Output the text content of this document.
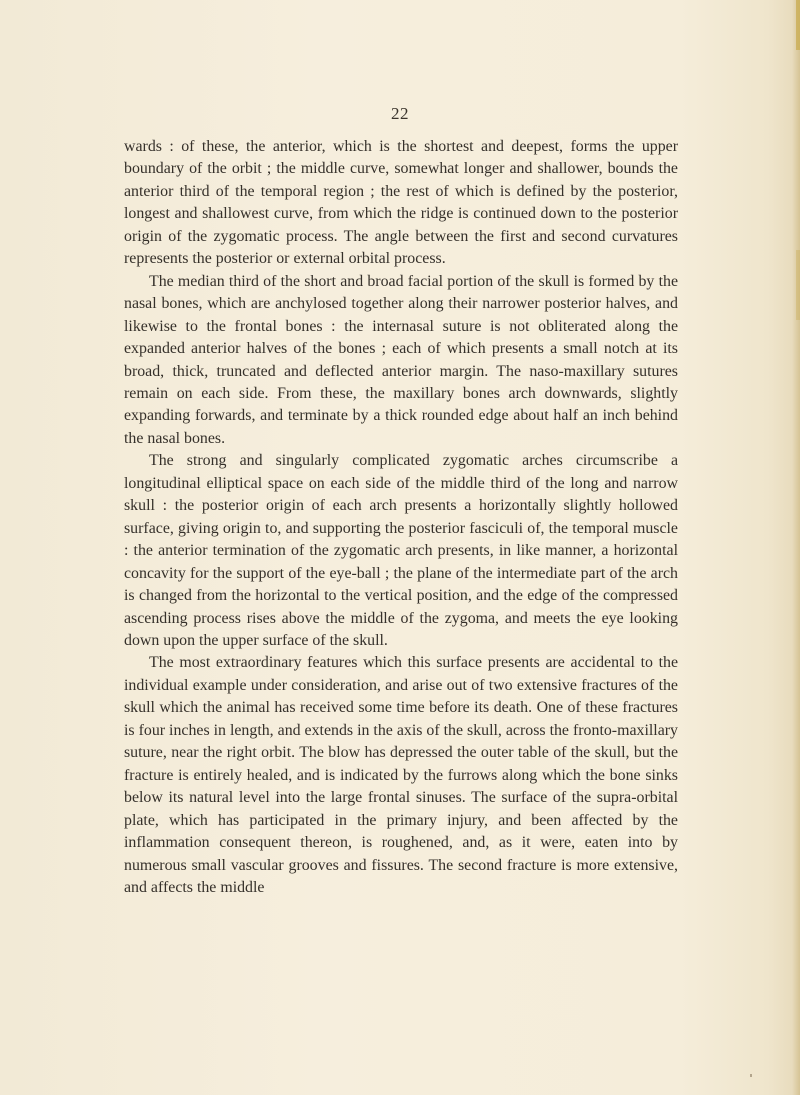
22

wards : of these, the anterior, which is the shortest and deepest, forms the upper boundary of the orbit ; the middle curve, somewhat longer and shallower, bounds the anterior third of the temporal region ; the rest of which is defined by the posterior, longest and shallowest curve, from which the ridge is continued down to the posterior origin of the zygomatic process. The angle between the first and second curvatures represents the posterior or external orbital process.

The median third of the short and broad facial portion of the skull is formed by the nasal bones, which are anchylosed together along their narrower posterior halves, and likewise to the frontal bones : the internasal suture is not obliterated along the expanded anterior halves of the bones ; each of which presents a small notch at its broad, thick, truncated and deflected anterior margin. The naso-maxillary sutures remain on each side. From these, the maxillary bones arch downwards, slightly expanding forwards, and terminate by a thick rounded edge about half an inch behind the nasal bones.

The strong and singularly complicated zygomatic arches circumscribe a longitudinal elliptical space on each side of the middle third of the long and narrow skull : the posterior origin of each arch presents a horizontally slightly hollowed surface, giving origin to, and supporting the posterior fasciculi of, the temporal muscle : the anterior termination of the zygomatic arch presents, in like manner, a horizontal concavity for the support of the eye-ball ; the plane of the intermediate part of the arch is changed from the horizontal to the vertical position, and the edge of the compressed ascending process rises above the middle of the zygoma, and meets the eye looking down upon the upper surface of the skull.

The most extraordinary features which this surface presents are accidental to the individual example under consideration, and arise out of two extensive fractures of the skull which the animal has received some time before its death. One of these fractures is four inches in length, and extends in the axis of the skull, across the fronto-maxillary suture, near the right orbit. The blow has depressed the outer table of the skull, but the fracture is entirely healed, and is indicated by the furrows along which the bone sinks below its natural level into the large frontal sinuses. The surface of the supra-orbital plate, which has participated in the primary injury, and been affected by the inflammation consequent thereon, is roughened, and, as it were, eaten into by numerous small vascular grooves and fissures. The second fracture is more extensive, and affects the middle
